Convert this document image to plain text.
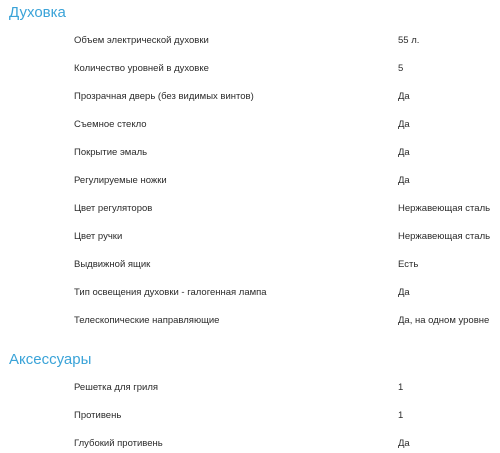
Духовка
Объем электрической духовки	55 л.
Количество уровней в духовке	5
Прозрачная дверь (без видимых винтов)	Да
Съемное стекло	Да
Покрытие эмаль	Да
Регулируемые ножки	Да
Цвет регуляторов	Нержавеющая сталь
Цвет ручки	Нержавеющая сталь
Выдвижной ящик	Есть
Тип освещения духовки - галогенная лампа	Да
Телескопические направляющие	Да, на одном уровне
Аксессуары
Решетка для гриля	1
Противень	1
Глубокий противень	Да
